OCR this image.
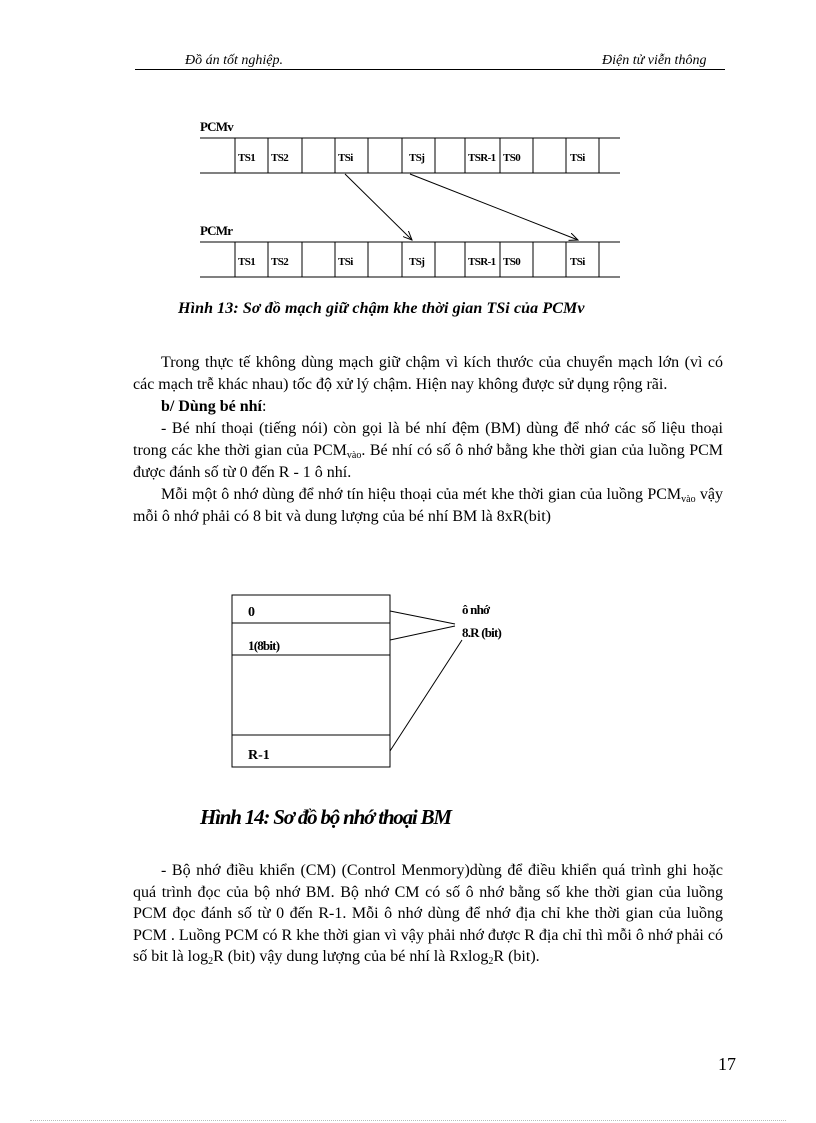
Đồ án tốt nghiệp.	Điện tử viễn thông
PCMv
TS1 TS2	TSi	TSj	TSR-1 TS0	TSi
PCMr
TS1 TS2	TSi	TSj	TSR-1 TS0	TSi
Hình 13: Sơ đồ mạch giữ chậm khe thời gian TSi của PCMv

Trong thực tế không dùng mạch giữ chậm vì kích thước của chuyển mạch lớn (vì có các mạch trễ khác nhau) tốc độ xử lý chậm. Hiện nay không được sử dụng rộng rãi.

b/ Dùng bé nhí:

- Bé nhí thoại (tiếng nói) còn gọi là bé nhí đệm (BM) dùng để nhớ các số liệu thoại trong các khe thời gian của $PCM_{vào}$. Bé nhí có số ô nhớ bằng khe thời gian của luồng PCM được đánh số từ 0 đến R - 1 ô nhí.

Mỗi một ô nhớ dùng để nhớ tín hiệu thoại của mét khe thời gian của luồng $PCM_{vào}$ vậy mỗi ô nhớ phải có 8 bit và dung lượng của bé nhí BM là 8xR(bit)

0
1(8bit)
R-1
ô nhớ
8.R (bit)
Hình 14: Sơ đồ bộ nhớ thoại BM

- Bộ nhớ điều khiển (CM) (Control Menmory)dùng để điều khiển quá trình ghi hoặc quá trình đọc của bộ nhớ BM. Bộ nhớ CM có số ô nhớ bằng số khe thời gian của luồng PCM đọc đánh số từ 0 đến R-1. Mỗi ô nhớ dùng để nhớ địa chỉ khe thời gian của luồng PCM . Luồng PCM có R khe thời gian vì vậy phải nhớ được R địa chỉ thì mỗi ô nhớ phải có số bit là $\log_2R$ (bit) vậy dung lượng của bé nhí là Rxlog$_2$R (bit).

17
